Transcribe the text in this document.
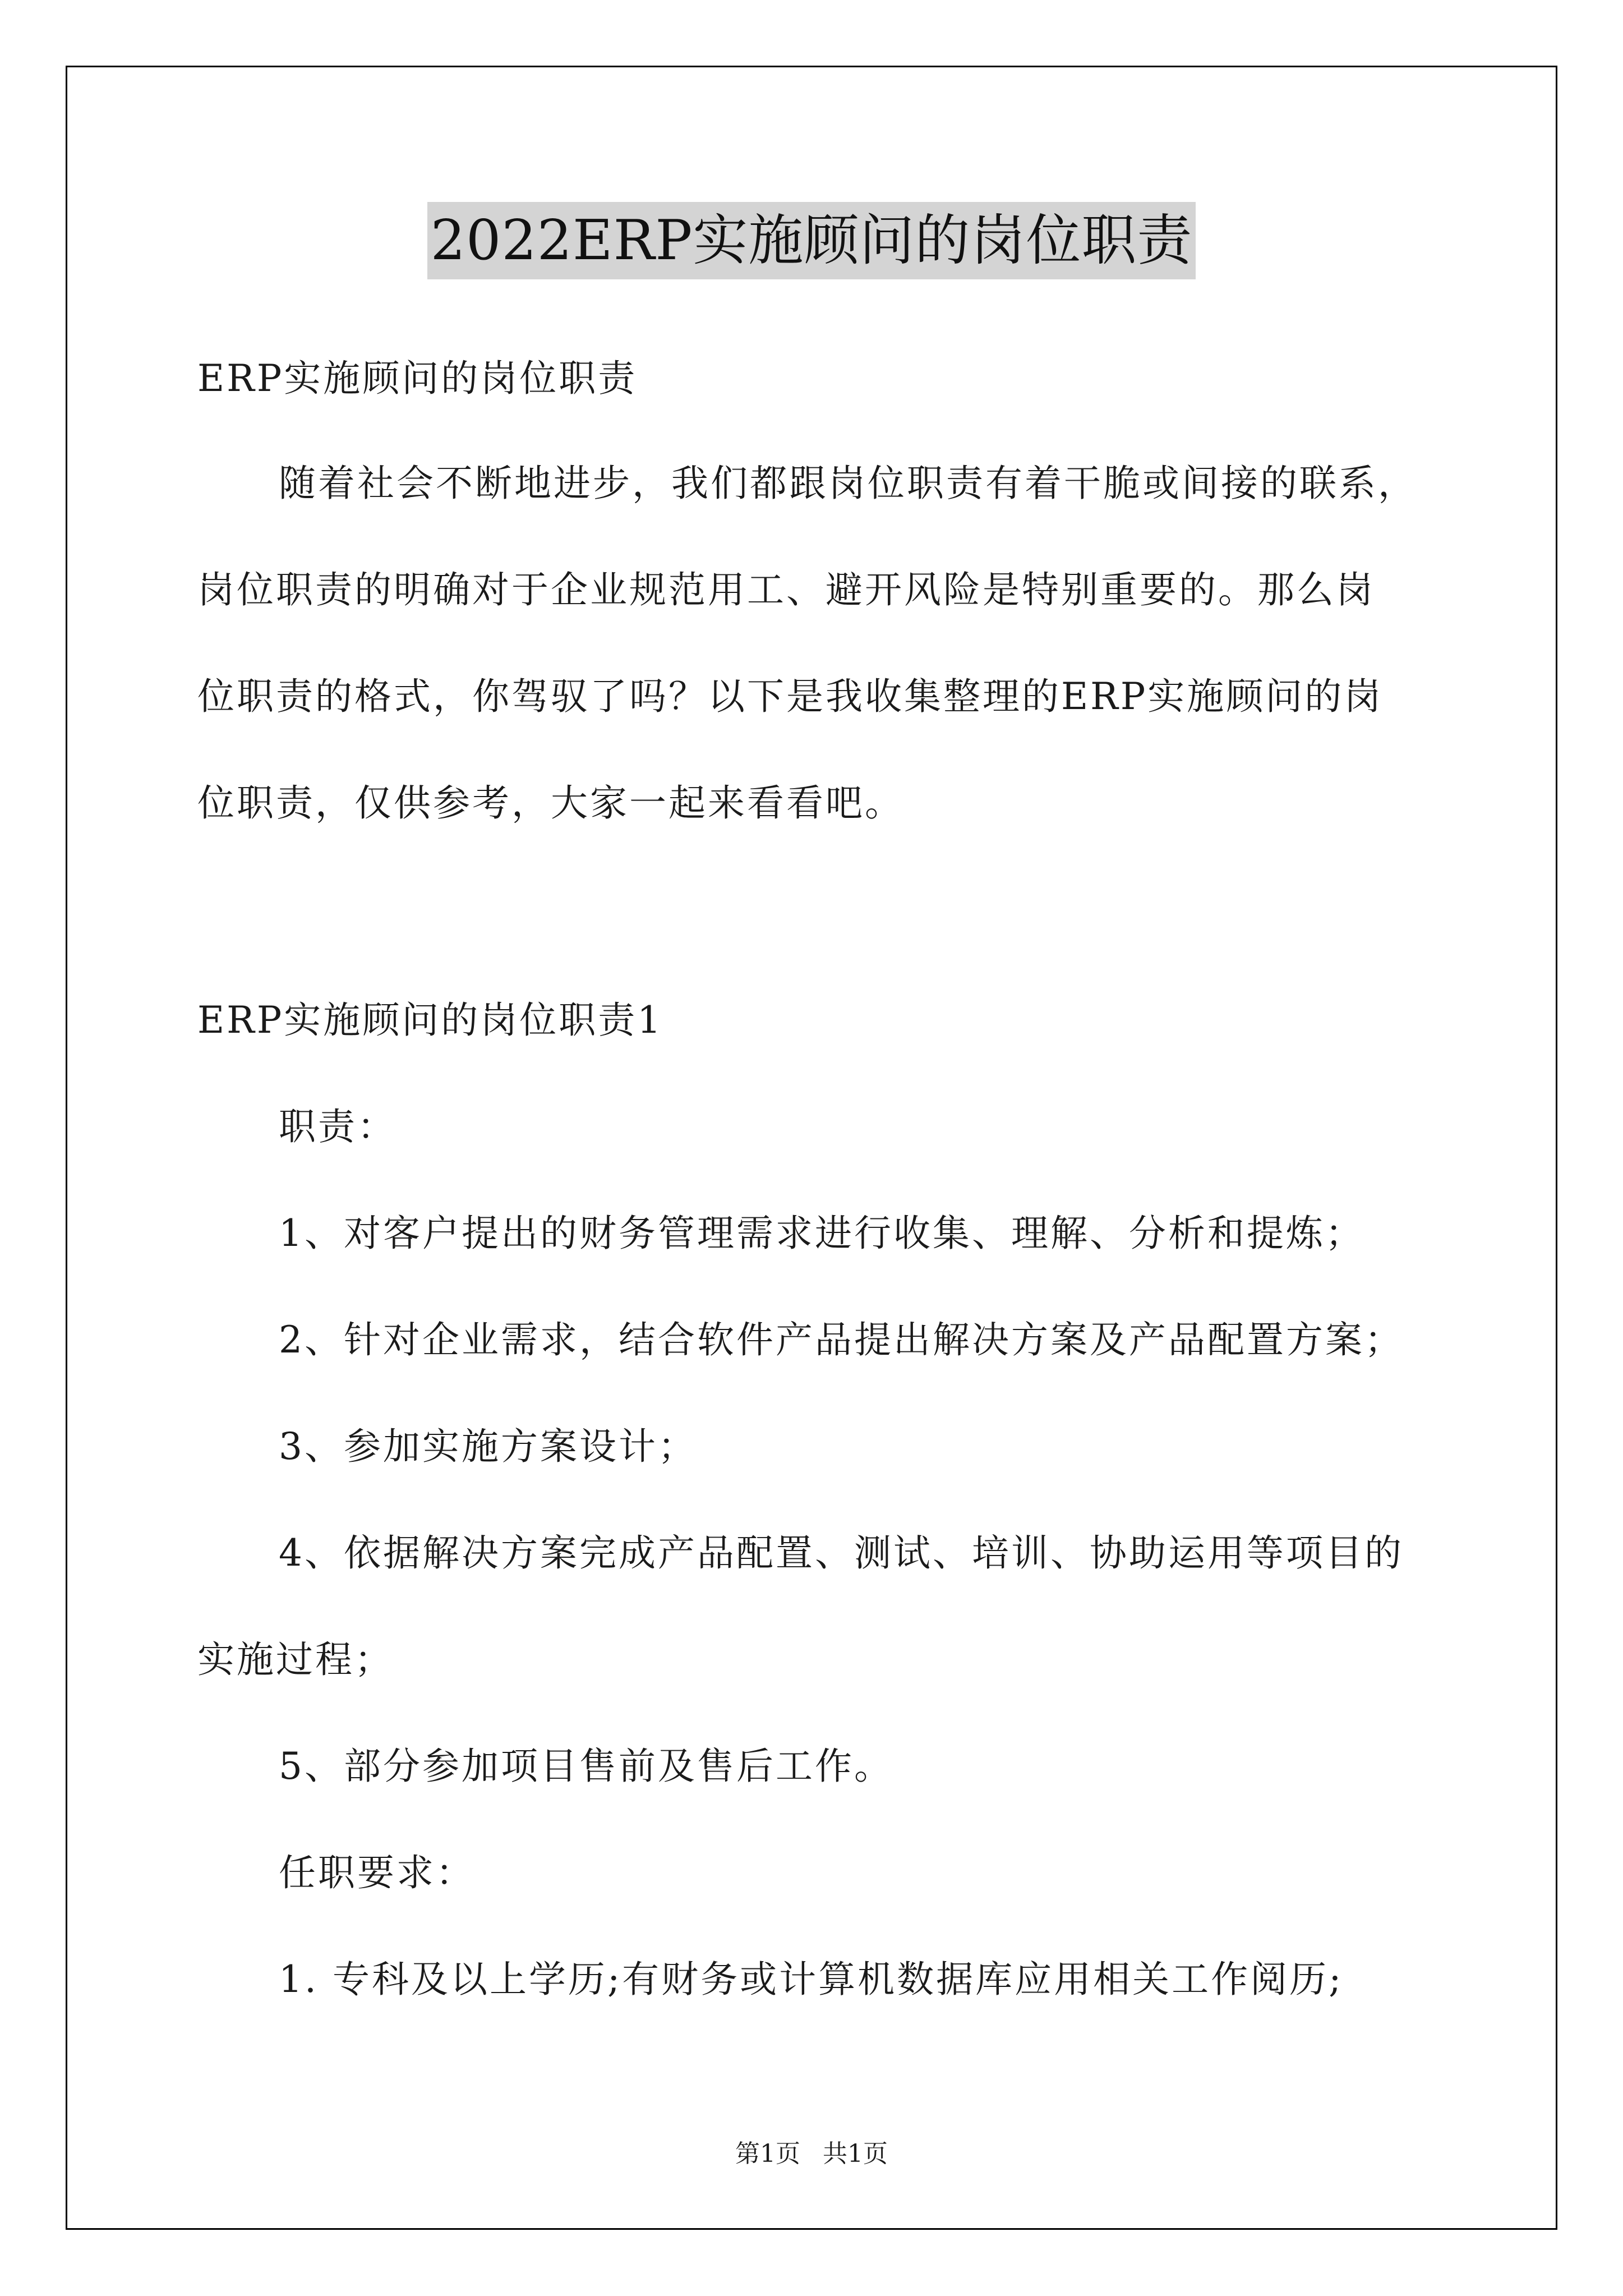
2022ERP实施顾问的岗位职责
ERP实施顾问的岗位职责
随着社会不断地进步，我们都跟岗位职责有着干脆或间接的联系，
岗位职责的明确对于企业规范用工、避开风险是特别重要的。那么岗
位职责的格式，你驾驭了吗？以下是我收集整理的ERP实施顾问的岗
位职责，仅供参考，大家一起来看看吧。
ERP实施顾问的岗位职责1
职责：
1、对客户提出的财务管理需求进行收集、理解、分析和提炼；
2、针对企业需求，结合软件产品提出解决方案及产品配置方案；
3、参加实施方案设计；
4、依据解决方案完成产品配置、测试、培训、协助运用等项目的
实施过程；
5、部分参加项目售前及售后工作。
任职要求：
1. 专科及以上学历;有财务或计算机数据库应用相关工作阅历;
第1页 共1页
